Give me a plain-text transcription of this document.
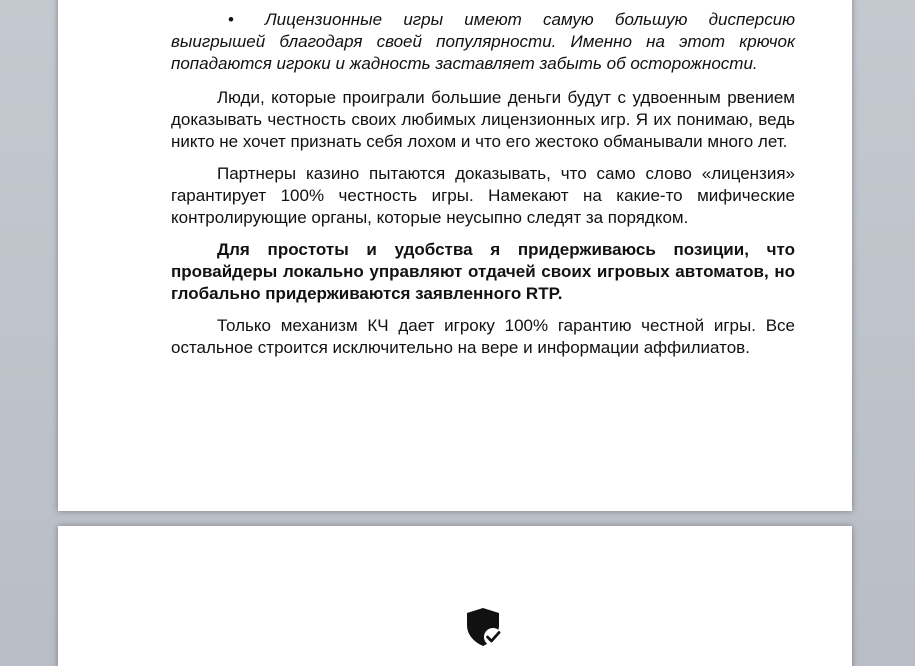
• Лицензионные игры имеют самую большую дисперсию выигрышей благодаря своей популярности. Именно на этот крючок попадаются игроки и жадность заставляет забыть об осторожности.

Люди, которые проиграли большие деньги будут с удвоенным рвением доказывать честность своих любимых лицензионных игр. Я их понимаю, ведь никто не хочет признать себя лохом и что его жестоко обманывали много лет.

Партнеры казино пытаются доказывать, что само слово «лицензия» гарантирует 100% честность игры. Намекают на какие-то мифические контролирующие органы, которые неусыпно следят за порядком.

Для простоты и удобства я придерживаюсь позиции, что провайдеры локально управляют отдачей своих игровых автоматов, но глобально придерживаются заявленного RTP.

Только механизм КЧ дает игроку 100% гарантию честной игры. Все остальное строится исключительно на вере и информации аффилиатов.
